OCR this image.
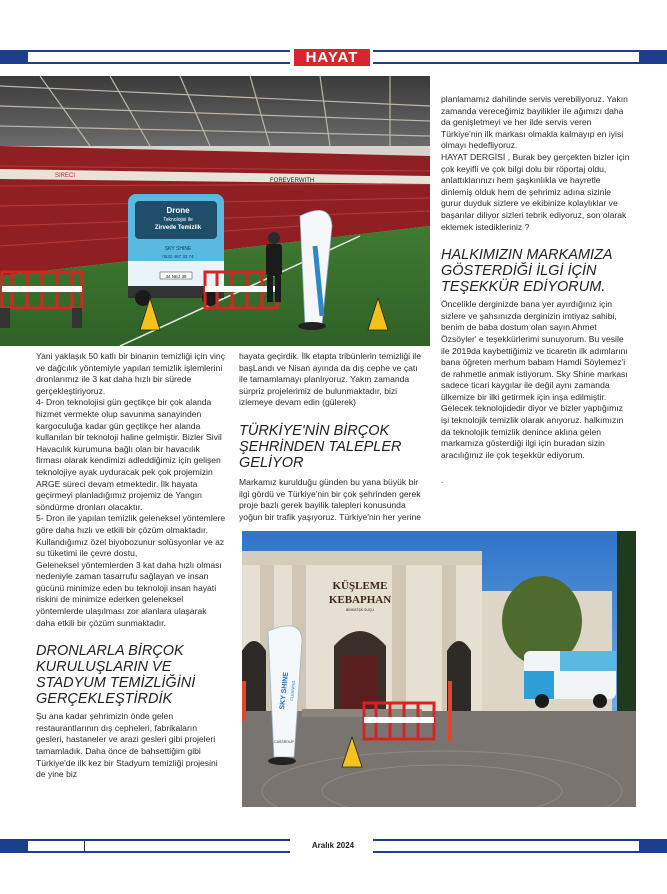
HAYAT
SIRECI
FOREVERWITH
34 NEJ 39
Drone
Teknolojisi ile
Zirvede Temizlik
SKY SHINE
0532 467 32 74

Yani yaklaşık 50 katlı bir binanın temizliği için vinç ve dağcılık yöntemiyle yapılan temizlik işlemlerini dronlarımız ile 3 kat daha hızlı bir sürede gerçekleştiriyoruz.

4- Dron teknolojisi gün geçtikçe bir çok alanda hizmet vermekte olup savunma sanayinden kargoculuğa kadar gün geçtikçe her alanda kullanılan bir teknoloji haline gelmiştir. Bizler Sivil Havacılık kurumuna bağlı olan bir havacılık firması olarak kendimizi adleddiğimiz için gelişen teknolojiye ayak uyduracak pek çok projemizin ARGE süreci devam etmektedir. İlk hayata geçirmeyi planladığımız projemiz de Yangın söndürme dronları olacaktır.

5- Dron ile yapılan temizlik geleneksel yöntemlere göre daha hızlı ve etkili bir çözüm olmaktadır. Kullandığımız özel biyobozunur solüsyonlar ve az su tüketimi ile çevre dostu,

Geleneksel yöntemlerden 3 kat daha hızlı olması nedeniyle zaman tasarrufu sağlayan ve insan gücünü minimize eden bu teknoloji insan hayati riskini de minimize ederken geleneksel yöntemlerde ulaşılması zor alanlara ulaşarak daha etkili bir çözüm sunmaktadır.

DRONLARLA BİRÇOK KURULUŞLARIN VE STADYUM TEMİZLİĞİNİ GERÇEKLEŞTİRDİK

Şu ana kadar şehrimizin önde gelen restaurantlarının dış cepheleri, fabrikaların gesleri, hastaneler ve arazi gesleri gibi projeleri tamamladık. Daha önce de bahsettiğim gibi Türkiye'de ilk kez bir Stadyum temizliği projesini de yine biz

hayata geçirdik. İlk etapta tribünlerin temizliği ile başLandı ve Nisan ayında da dış cephe ve çatı ile tamamlamayı planlıyoruz. Yakın zamanda sürpriz projelerimiz de bulunmaktadır, bizi izlemeye devam edin (gülerek)

TÜRKİYE'NİN BİRÇOK ŞEHRİNDEN TALEPLER GELİYOR

Markamız kurulduğu günden bu yana büyük bir ilgi gördü ve Türkiye'nin bir çok şehrinden gerek proje bazlı gerek bayilik talepleri konusunda yoğun bir trafik yaşıyoruz. Türkiye'nin her yerine

planlamamız dahilinde servis verebiliyoruz. Yakın zamanda vereceğimiz bayilikler ile ağımızı daha da genişletmeyi ve her ilde servis veren Türkiye'nin ilk markası olmakla kalmayıp en iyisi olmayı hedefliyoruz.

HAYAT DERGİSİ , Burak bey gerçekten bizler için çok keyifli ve çok bilgi dolu bir röportaj oldu, anlattıklarınızı hem şaşkınlıkla ve hayretle dinlemiş olduk hem de şehrimiz adına sizinle gurur duyduk sizlere ve ekibinize kolaylıklar ve başarılar diliyor sizleri tebrik ediyoruz, son olarak eklemek istedikleriniz ?

HALKIMIZIN MARKAMIZA GÖSTERDİĞİ İLGİ İÇİN TEŞEKKÜR EDİYORUM.

Öncelikle derginizde bana yer ayırdığınız için sizlere ve şahsınızda derginizin imtiyaz sahibi, benim de baba dostum olan sayın Ahmet Özsöyler' e teşekkürlerimi sunuyorum. Bu vesile ile 2019da kaybettiğimiz ve ticaretin ilk adımlarını bana öğreten merhum babam Hamdi Söylemez'i de rahmetle anmak istiyorum. Sky Shine markası sadece ticari kaygılar ile değil aynı zamanda ülkemize bir ilki getirmek için inşa edilmiştir. Gelecek teknolojidedir diyor ve bizler yaptığımız işi teknolojik temizlik olarak anıyoruz. halkımızın da teknolojik temizlik denince aklına gelen markamıza gösterdiği ilgi için buradan sizin aracılığınız ile çok teşekkür ediyorum.

.

KÜŞLEME
KEBAPHAN
BİNKATŞK SUÇU
SKY SHINE
CLEANING
CASSROUP
Aralık 2024
